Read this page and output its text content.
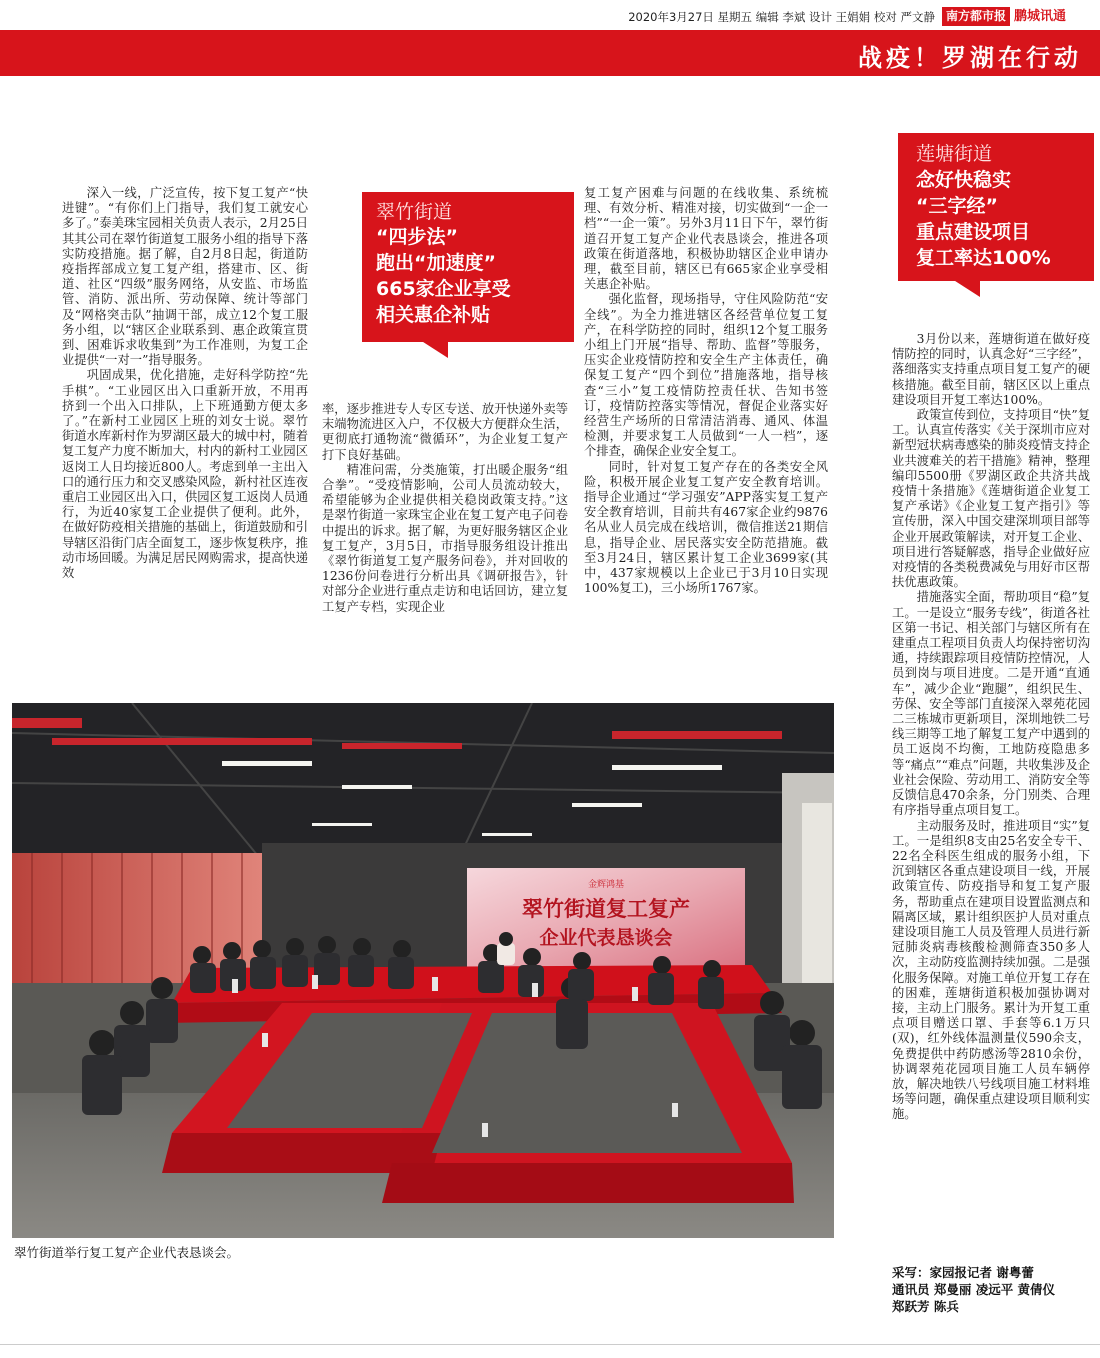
2020年3月27日 星期五 编辑 李斌 设计 王娟娟 校对 严文静 南方都市报 鹏城讯通
战疫！罗湖在行动
翠竹街道
“四步法”
跑出“加速度”
665家企业享受
相关惠企补贴
莲塘街道
念好快稳实
“三字经”
重点建设项目
复工率达100%

深入一线，广泛宣传，按下复工复产“快进键”。“有你们上门指导，我们复工就安心多了。”泰美珠宝园相关负责人表示，2月25日其其公司在翠竹街道复工服务小组的指导下落实防疫措施。据了解，自2月8日起，街道防疫指挥部成立复工复产组，搭建市、区、街道、社区“四级”服务网络，从安监、市场监管、消防、派出所、劳动保障、统计等部门及“网格突击队”抽调干部，成立12个复工服务小组，以“辖区企业联系到、惠企政策宣贯到、困难诉求收集到”为工作准则，为复工企业提供“一对一”指导服务。

巩固成果，优化措施，走好科学防控“先手棋”。“工业园区出入口重新开放，不用再挤到一个出入口排队，上下班通勤方便太多了。”在新村工业园区上班的刘女士说。翠竹街道水库新村作为罗湖区最大的城中村，随着复工复产力度不断加大，村内的新村工业园区返岗工人日均接近800人。考虑到单一主出入口的通行压力和交叉感染风险，新村社区连夜重启工业园区出入口，供园区复工返岗人员通行，为近40家复工企业提供了便利。此外，在做好防疫相关措施的基础上，街道鼓励和引导辖区沿街门店全面复工，逐步恢复秩序，推动市场回暖。为满足居民网购需求，提高快递效

率，逐步推进专人专区专送、放开快递外卖等末端物流进区入户，不仅极大方便群众生活，更彻底打通物流“微循环”，为企业复工复产打下良好基础。

精准问需，分类施策，打出暖企服务“组合拳”。“受疫情影响，公司人员流动较大，希望能够为企业提供相关稳岗政策支持。”这是翠竹街道一家珠宝企业在复工复产电子问卷中提出的诉求。据了解，为更好服务辖区企业复工复产，3月5日，市指导服务组设计推出《翠竹街道复工复产服务问卷》，并对回收的1236份问卷进行分析出具《调研报告》，针对部分企业进行重点走访和电话回访，建立复工复产专档，实现企业

复工复产困难与问题的在线收集、系统梳理、有效分析、精准对接，切实做到“一企一档”“一企一策”。另外3月11日下午，翠竹街道召开复工复产企业代表恳谈会，推进各项政策在街道落地，积极协助辖区企业申请办理，截至目前，辖区已有665家企业享受相关惠企补贴。

强化监督，现场指导，守住风险防范“安全线”。为全力推进辖区各经营单位复工复产，在科学防控的同时，组织12个复工服务小组上门开展“指导、帮助、监督”等服务，压实企业疫情防控和安全生产主体责任，确保复工复产“四个到位”措施落地，指导核查“三小”复工疫情防控责任状、告知书签订，疫情防控落实等情况，督促企业落实好经营生产场所的日常清洁消毒、通风、体温检测，并要求复工人员做到“一人一档”，逐个排查，确保企业安全复工。

同时，针对复工复产存在的各类安全风险，积极开展企业复工复产安全教育培训。指导企业通过“学习强安”APP落实复工复产安全教育培训，目前共有467家企业约9876名从业人员完成在线培训，微信推送21期信息，指导企业、居民落实安全防范措施。截至3月24日，辖区累计复工企业3699家(其中，437家规模以上企业已于3月10日实现100%复工)，三小场所1767家。

3月份以来，莲塘街道在做好疫情防控的同时，认真念好“三字经”，落细落实支持重点项目复工复产的硬核措施。截至目前，辖区区以上重点建设项目开复工率达100%。

政策宣传到位，支持项目“快”复工。认真宣传落实《关于深圳市应对新型冠状病毒感染的肺炎疫情支持企业共渡难关的若干措施》精神，整理编印5500册《罗湖区政企共济共战疫情十条措施》《莲塘街道企业复工复产承诺》《企业复工复产指引》等宣传册，深入中国交建深圳项目部等企业开展政策解读，对开复工企业、项目进行答疑解惑，指导企业做好应对疫情的各类税费减免与用好市区帮扶优惠政策。

措施落实全面，帮助项目“稳”复工。一是设立“服务专线”，街道各社区第一书记、相关部门与辖区所有在建重点工程项目负责人均保持密切沟通，持续跟踪项目疫情防控情况，人员到岗与项目进度。二是开通“直通车”，减少企业“跑腿”，组织民生、劳保、安全等部门直接深入翠苑花园二三栋城市更新项目，深圳地铁二号线三期等工地了解复工复产中遇到的员工返岗不均衡，工地防疫隐患多等“痛点”“难点”问题，共收集涉及企业社会保险、劳动用工、消防安全等反馈信息470余条，分门别类、合理有序指导重点项目复工。

主动服务及时，推进项目“实”复工。一是组织8支由25名安全专干、22名全科医生组成的服务小组，下沉到辖区各重点建设项目一线，开展政策宣传、防疫指导和复工复产服务，帮助重点在建项目设置监测点和隔离区域，累计组织医护人员对重点建设项目施工人员及管理人员进行新冠肺炎病毒核酸检测筛查350多人次，主动防疫监测持续加强。二是强化服务保障。对施工单位开复工存在的困难，莲塘街道积极加强协调对接，主动上门服务。累计为开复工重点项目赠送口罩、手套等6.1万只(双)，红外线体温测量仪590余支，免费提供中药防感汤等2810余份，协调翠苑花园项目施工人员车辆停放，解决地铁八号线项目施工材料堆场等问题，确保重点建设项目顺利实施。

采写：家园报记者 谢粤蕾
通讯员 郑曼丽 凌远平 黄倩仪
郑跃芳 陈兵
金辉鸿基
翠竹街道复工复产
企业代表恳谈会
翠竹街道举行复工复产企业代表恳谈会。
